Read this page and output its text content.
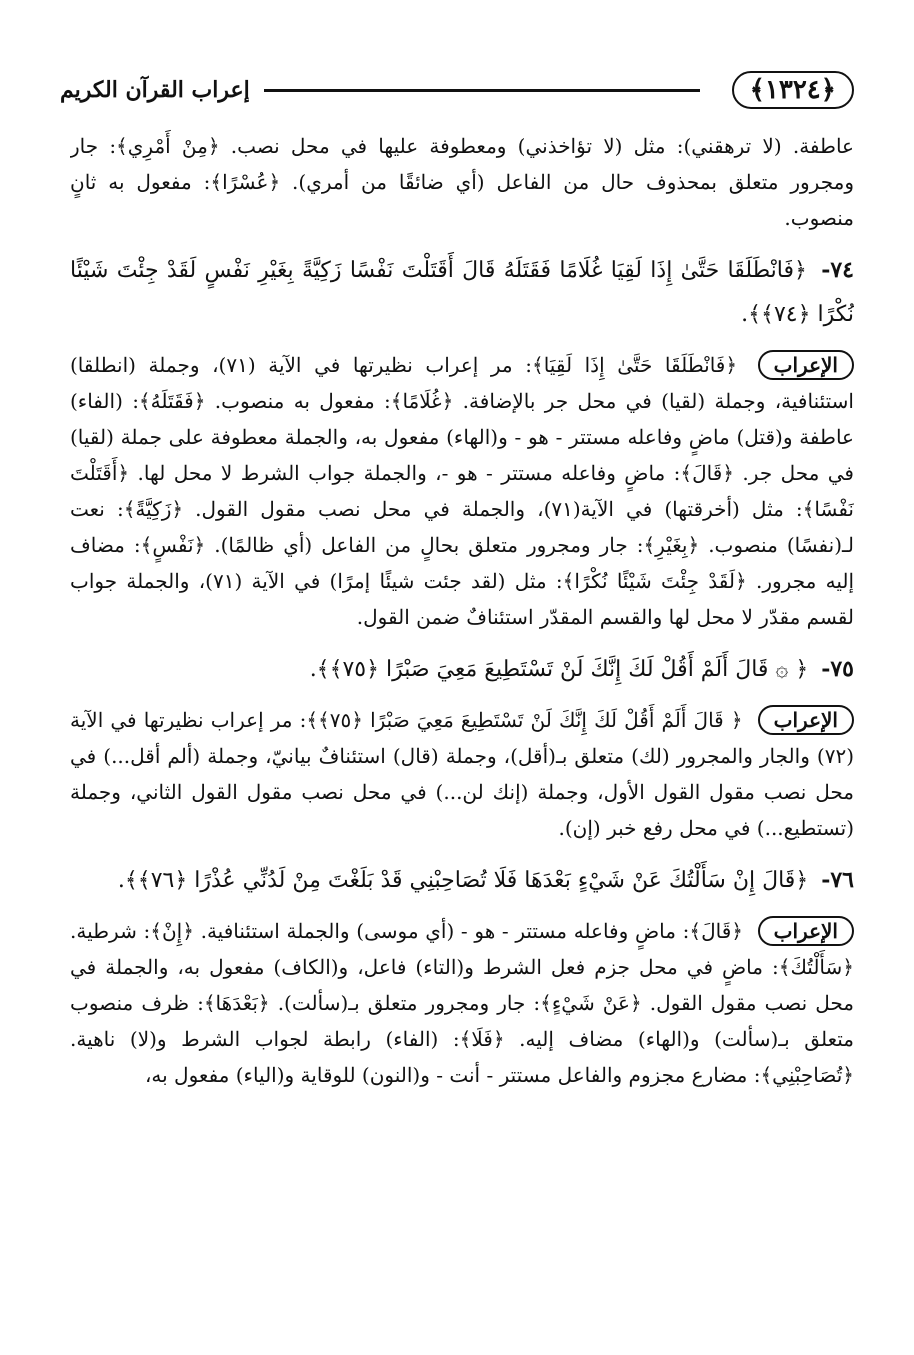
﴿١٣٢٤﴾
إعراب القرآن الكريم

عاطفة. (لا ترهقني): مثل (لا تؤاخذني) ومعطوفة عليها في محل نصب. ﴿مِنْ أَمْرِي﴾: جار ومجرور متعلق بمحذوف حال من الفاعل (أي ضائقًا من أمري). ﴿عُسْرًا﴾: مفعول به ثانٍ منصوب.

٧٤- ﴿فَانْطَلَقَا حَتَّىٰ إِذَا لَقِيَا غُلَامًا فَقَتَلَهُ قَالَ أَقَتَلْتَ نَفْسًا زَكِيَّةً بِغَيْرِ نَفْسٍ لَقَدْ جِئْتَ شَيْئًا نُكْرًا ﴿٧٤﴾﴾.

الإعراب ﴿فَانْطَلَقَا حَتَّىٰ إِذَا لَقِيَا﴾: مر إعراب نظيرتها في الآية (٧١)، وجملة (انطلقا) استئنافية، وجملة (لقيا) في محل جر بالإضافة. ﴿غُلَامًا﴾: مفعول به منصوب. ﴿فَقَتَلَهُ﴾: (الفاء) عاطفة و(قتل) ماضٍ وفاعله مستتر - هو - و(الهاء) مفعول به، والجملة معطوفة على جملة (لقيا) في محل جر. ﴿قَالَ﴾: ماضٍ وفاعله مستتر - هو -، والجملة جواب الشرط لا محل لها. ﴿أَقَتَلْتَ نَفْسًا﴾: مثل (أخرقتها) في الآية(٧١)، والجملة في محل نصب مقول القول. ﴿زَكِيَّةً﴾: نعت لـ(نفسًا) منصوب. ﴿بِغَيْرِ﴾: جار ومجرور متعلق بحالٍ من الفاعل (أي ظالمًا). ﴿نَفْسٍ﴾: مضاف إليه مجرور. ﴿لَقَدْ جِئْتَ شَيْئًا نُكْرًا﴾: مثل (لقد جئت شيئًا إمرًا) في الآية (٧١)، والجملة جواب لقسم مقدّر لا محل لها والقسم المقدّر استئنافٌ ضمن القول.

٧٥- ﴿ ۞ قَالَ أَلَمْ أَقُلْ لَكَ إِنَّكَ لَنْ تَسْتَطِيعَ مَعِيَ صَبْرًا ﴿٧٥﴾﴾.

الإعراب ﴿ قَالَ أَلَمْ أَقُلْ لَكَ إِنَّكَ لَنْ تَسْتَطِيعَ مَعِيَ صَبْرًا ﴿٧٥﴾﴾: مر إعراب نظيرتها في الآية (٧٢) والجار والمجرور (لك) متعلق بـ(أقل)، وجملة (قال) استئنافٌ بيانيّ، وجملة (ألم أقل...) في محل نصب مقول القول الأول، وجملة (إنك لن...) في محل نصب مقول القول الثاني، وجملة (تستطيع...) في محل رفع خبر (إن).

٧٦- ﴿قَالَ إِنْ سَأَلْتُكَ عَنْ شَيْءٍ بَعْدَهَا فَلَا تُصَاحِبْنِي قَدْ بَلَغْتَ مِنْ لَدُنِّي عُذْرًا ﴿٧٦﴾﴾.

الإعراب ﴿قَالَ﴾: ماضٍ وفاعله مستتر - هو - (أي موسى) والجملة استئنافية. ﴿إِنْ﴾: شرطية. ﴿سَأَلْتُكَ﴾: ماضٍ في محل جزم فعل الشرط و(التاء) فاعل، و(الكاف) مفعول به، والجملة في محل نصب مقول القول. ﴿عَنْ شَيْءٍ﴾: جار ومجرور متعلق بـ(سألت). ﴿بَعْدَهَا﴾: ظرف منصوب متعلق بـ(سألت) و(الهاء) مضاف إليه. ﴿فَلَا﴾: (الفاء) رابطة لجواب الشرط و(لا) ناهية. ﴿تُصَاحِبْنِي﴾: مضارع مجزوم والفاعل مستتر - أنت - و(النون) للوقاية و(الياء) مفعول به،
